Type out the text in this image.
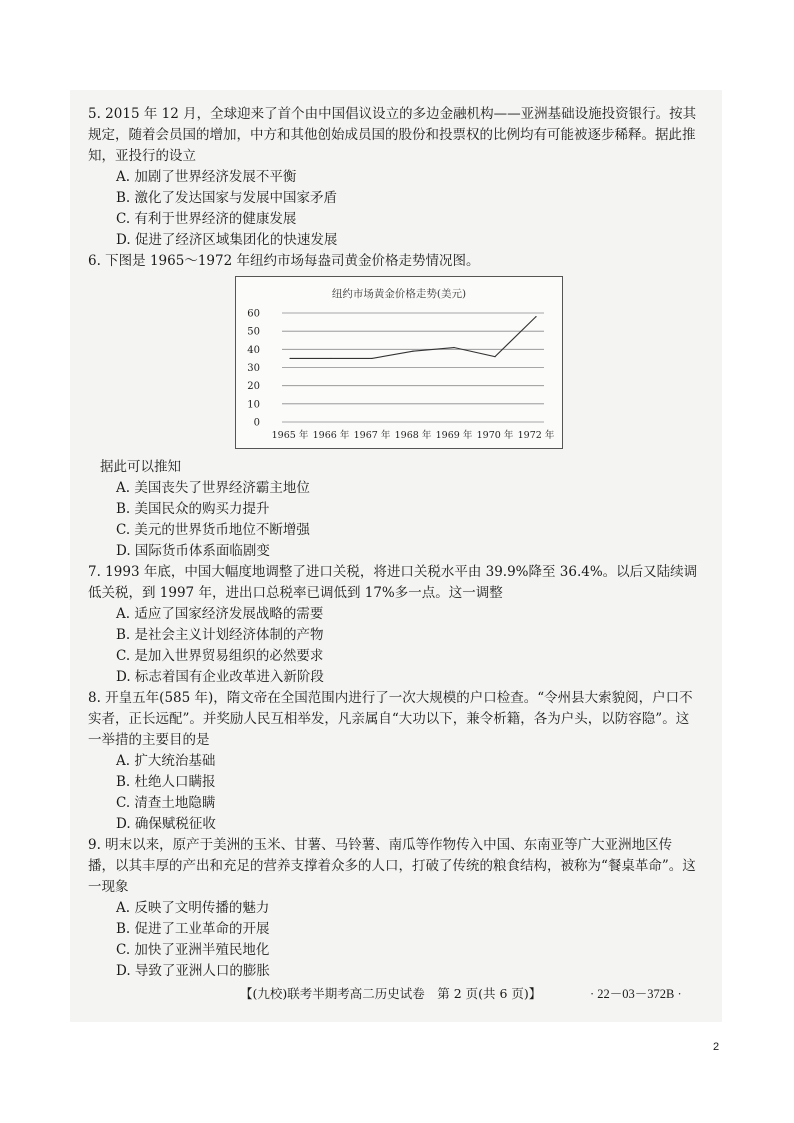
5. 2015 年 12 月，全球迎来了首个由中国倡议设立的多边金融机构——亚洲基础设施投资银行。按其规定，随着会员国的增加，中方和其他创始成员国的股份和投票权的比例均有可能被逐步稀释。据此推知，亚投行的设立
A. 加剧了世界经济发展不平衡
B. 激化了发达国家与发展中国家矛盾
C. 有利于世界经济的健康发展
D. 促进了经济区域集团化的快速发展
6. 下图是 1965～1972 年纽约市场每盎司黄金价格走势情况图。
纽约市场黄金价格走势(美元)
0
10
20
30
40
50
60
1965 年 1966 年 1967 年 1968 年 1969 年 1970 年 1972 年
据此可以推知
A. 美国丧失了世界经济霸主地位
B. 美国民众的购买力提升
C. 美元的世界货币地位不断增强
D. 国际货币体系面临剧变
7. 1993 年底，中国大幅度地调整了进口关税，将进口关税水平由 39.9%降至 36.4%。以后又陆续调低关税，到 1997 年，进出口总税率已调低到 17%多一点。这一调整
A. 适应了国家经济发展战略的需要
B. 是社会主义计划经济体制的产物
C. 是加入世界贸易组织的必然要求
D. 标志着国有企业改革进入新阶段
8. 开皇五年(585 年)，隋文帝在全国范围内进行了一次大规模的户口检查。“令州县大索貌阅，户口不实者，正长远配”。并奖励人民互相举发，凡亲属自“大功以下，兼令析籍，各为户头，以防容隐”。这一举措的主要目的是
A. 扩大统治基础
B. 杜绝人口瞒报
C. 清查土地隐瞒
D. 确保赋税征收
9. 明末以来，原产于美洲的玉米、甘薯、马铃薯、南瓜等作物传入中国、东南亚等广大亚洲地区传播，以其丰厚的产出和充足的营养支撑着众多的人口，打破了传统的粮食结构，被称为“餐桌革命”。这一现象
A. 反映了文明传播的魅力
B. 促进了工业革命的开展
C. 加快了亚洲半殖民地化
D. 导致了亚洲人口的膨胀
【(九校)联考半期考高二历史试卷　第 2 页(共 6 页)】	· 22－03－372B ·
2
